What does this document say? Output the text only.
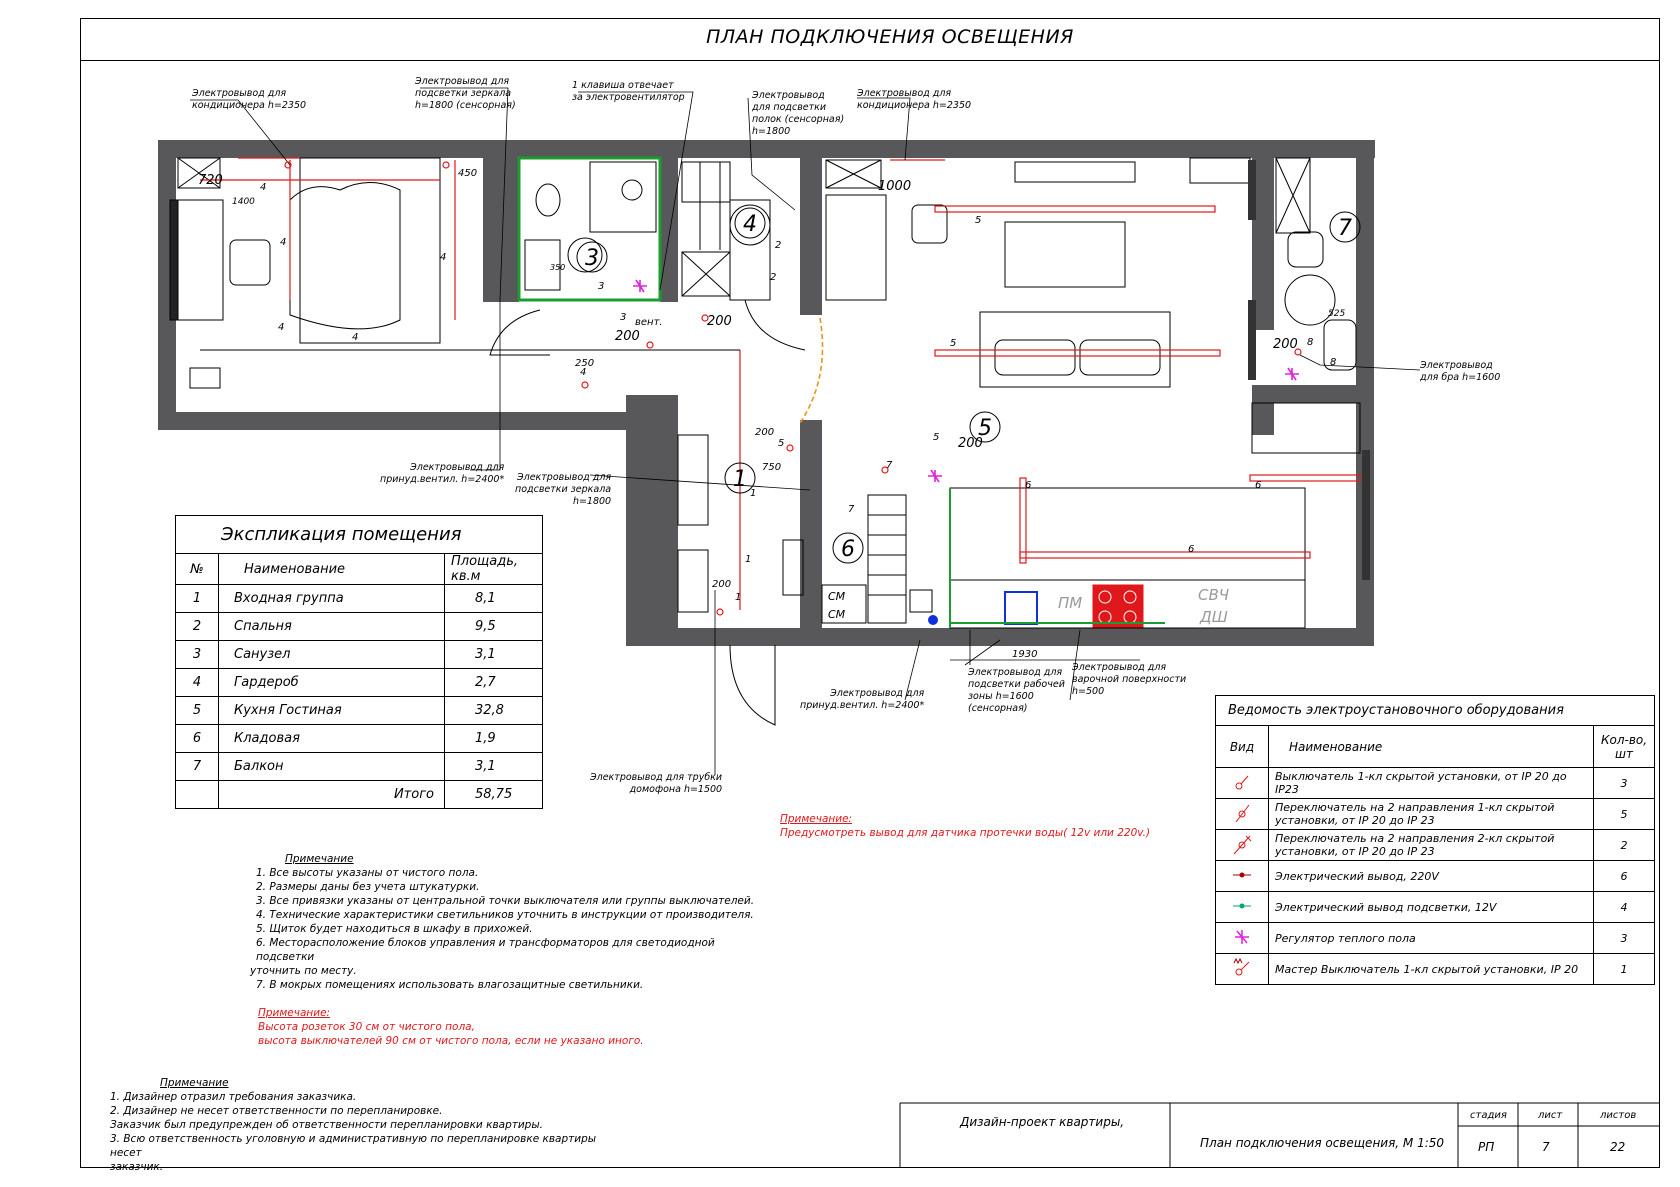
ПЛАН ПОДКЛЮЧЕНИЯ ОСВЕЩЕНИЯ
3
4
5
1
6
7
720
1400
450
200
250
200
1000
200
200
200
750
200
1930
350
525
4
4
4
4
4
4
3
3
2
2
5
5
5
5
6
6
6
1
1
1
7
7
8
8
вент.
ПМ	СВЧ
ДШ
СМ
СМ
Электровывод для
кондиционера h=2350
Электровывод для
подсветки зеркала
h=1800 (сенсорная)
1 клавиша отвечает
за электровентилятор	Электровывод
для подсветки
полок (сенсорная)
h=1800
Электровывод для
кондиционера h=2350
Электровывод
для бра h=1600
Электровывод для
принуд.вентил. h=2400* Электровывод для
подсветки зеркала
h=1800
Электровывод для трубки
домофона h=1500
Электровывод для
принуд.вентил. h=2400*
Электровывод для
подсветки рабочей
зоны h=1600
(сенсорная)
Электровывод для
варочной поверхности
h=500
Экспликация помещения		
№	Наименование	Площадь, кв.м
1	Входная группа	8,1
2	Спальня	9,5
3	Санузел	3,1
4	Гардероб	2,7
5	Кухня Гостиная	32,8
6	Кладовая	1,9
7	Балкон	3,1
	Итого	58,75
Ведомость электроустановочного оборудования		
Вид	Наименование	Кол-во, шт
	Выключатель 1-кл скрытой установки, от IP 20 до IP23	3
	Переключатель на 2 направления 1-кл скрытой установки, от IP 20 до IP 23	5
	Переключатель на 2 направления 2-кл скрытой установки, от IP 20 до IP 23	2
	Электрический вывод, 220V	6
	Электрический вывод подсветки, 12V	4
	Регулятор теплого пола	3
	Мастер Выключатель 1-кл скрытой установки, IP 20	1
Примечание:
Предусмотреть вывод для датчика протечки воды( 12v или 220v.)
Примечание
1. Все высоты указаны от чистого пола.
2. Размеры даны без учета штукатурки.
3. Все привязки указаны от центральной точки выключателя или группы выключателей.
4. Технические характеристики светильников уточнить в инструкции от производителя.
5. Щиток будет находиться в шкафу в прихожей.
6. Месторасположение блоков управления и трансформаторов для светодиодной подсветки
уточнить по месту.
7. В мокрых помещениях использовать влагозащитные светильники.
Примечание:
Высота розеток 30 см от чистого пола,
высота выключателей 90 см от чистого пола, если не указано иного.
Примечание
1. Дизайнер отразил требования заказчика.
2. Дизайнер не несет ответственности по перепланировке.
Заказчик был предупрежден об ответственности перепланировки квартиры.
3. Всю ответственность уголовную и административную по перепланировке квартиры несет
заказчик.
Дизайн-проект квартиры,
План подключения освещения, М 1:50
стадия	лист	листов
РП	7	22
